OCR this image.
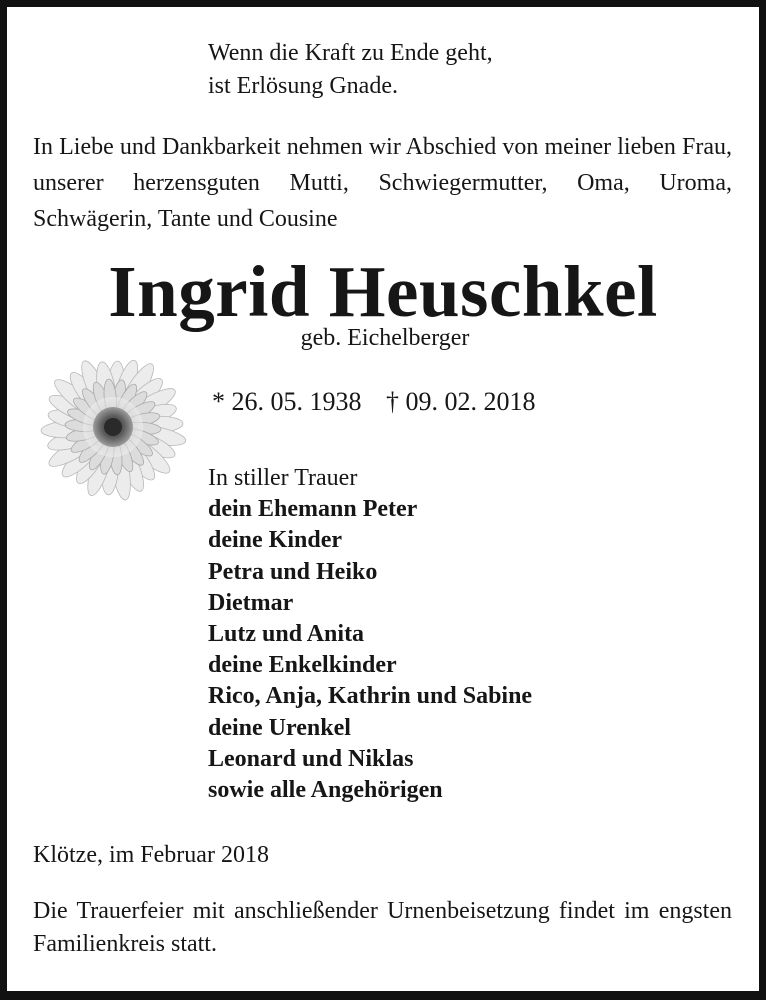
Wenn die Kraft zu Ende geht,
ist Erlösung Gnade.
In Liebe und Dankbarkeit nehmen wir Abschied von meiner lieben Frau, unserer herzensguten Mutti, Schwiegermutter, Oma, Uroma, Schwägerin, Tante und Cousine
Ingrid Heuschkel
geb. Eichelberger
* 26. 05. 1938 † 09. 02. 2018
In stiller Trauer
dein Ehemann Peter
deine Kinder
Petra und Heiko
Dietmar
Lutz und Anita
deine Enkelkinder
Rico, Anja, Kathrin und Sabine
deine Urenkel
Leonard und Niklas
sowie alle Angehörigen
Klötze, im Februar 2018
Die Trauerfeier mit anschließender Urnenbeisetzung findet im engsten Familienkreis statt.
